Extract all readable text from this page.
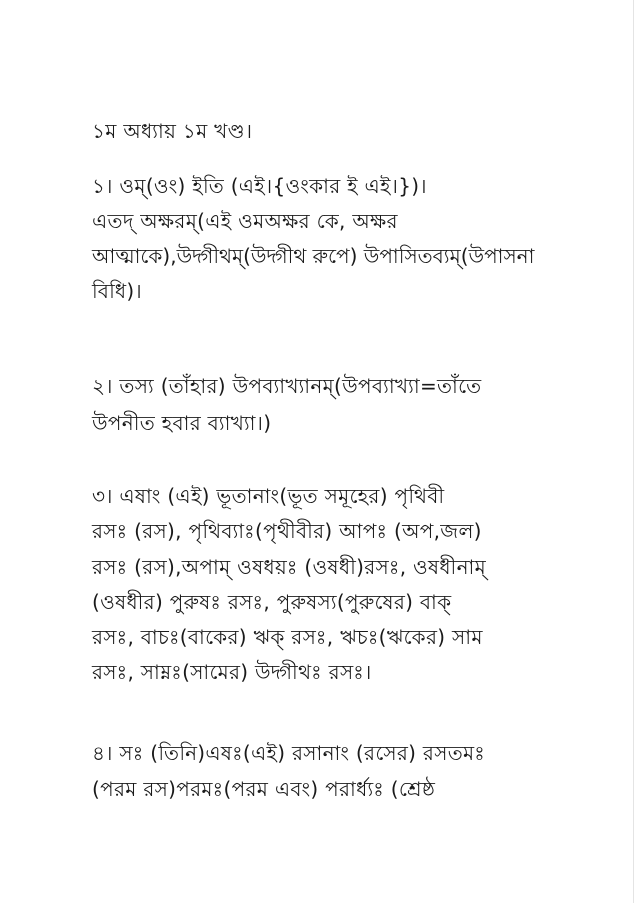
১ম অধ্যায় ১ম খণ্ড।
১। ওম্(ওং) ইতি (এই।{ওংকার ই এই।})।
এতদ্ অক্ষরম্(এই ওমঅক্ষর কে, অক্ষর
আত্মাকে),উদ্গীথম্(উদ্গীথ রুপে) উপাসিতব্যম্(উপাসনা
বিধি)।
২। তস্য (তাঁহার) উপব্যাখ্যানম্(উপব্যাখ্যা=তাঁতে
উপনীত হবার ব্যাখ্যা।)
৩। এষাং (এই) ভূতানাং(ভূত সমূহের) পৃথিবী
রসঃ (রস), পৃথিব্যাঃ(পৃথীবীর) আপঃ (অপ,জল)
রসঃ (রস),অপাম্ ওষধয়ঃ (ওষধী)রসঃ, ওষধীনাম্
(ওষধীর) পুরুষঃ রসঃ, পুরুষস্য(পুরুষের) বাক্
রসঃ, বাচঃ(বাকের) ঋক্ রসঃ, ঋচঃ(ঋকের) সাম
রসঃ, সাম্নঃ(সামের) উদ্গীথঃ রসঃ।
৪। সঃ (তিনি)এষঃ(এই) রসানাং (রসের) রসতমঃ
(পরম রস)পরমঃ(পরম এবং) পরার্ধ্যঃ (শ্রেষ্ঠ
